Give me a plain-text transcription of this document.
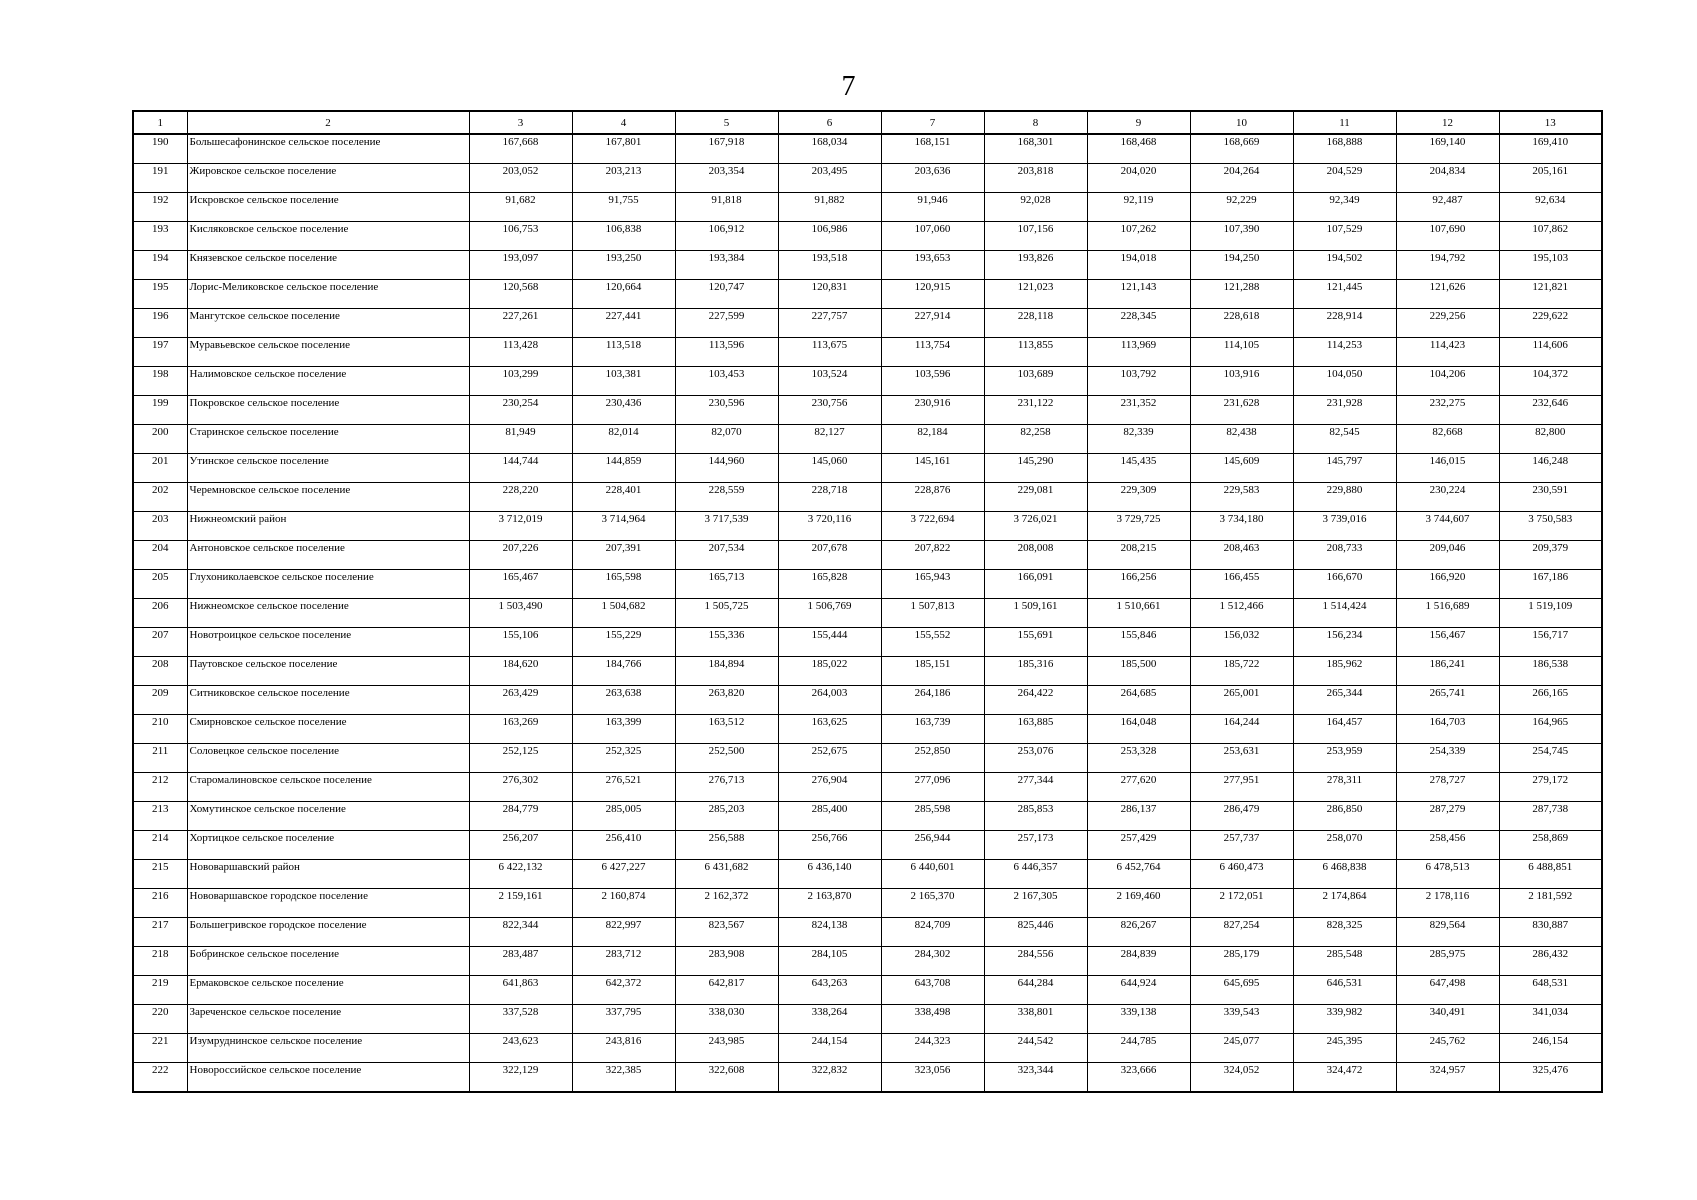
7
1	2	3	4	5	6	7	8	9	10	11	12	13
190	Большесафонинское сельское поселение	167,668	167,801	167,918	168,034	168,151	168,301	168,468	168,669	168,888	169,140	169,410
191	Жировское сельское поселение	203,052	203,213	203,354	203,495	203,636	203,818	204,020	204,264	204,529	204,834	205,161
192	Искровское сельское поселение	91,682	91,755	91,818	91,882	91,946	92,028	92,119	92,229	92,349	92,487	92,634
193	Кисляковское сельское поселение	106,753	106,838	106,912	106,986	107,060	107,156	107,262	107,390	107,529	107,690	107,862
194	Князевское сельское поселение	193,097	193,250	193,384	193,518	193,653	193,826	194,018	194,250	194,502	194,792	195,103
195	Лорис-Меликовское сельское поселение	120,568	120,664	120,747	120,831	120,915	121,023	121,143	121,288	121,445	121,626	121,821
196	Мангутское сельское поселение	227,261	227,441	227,599	227,757	227,914	228,118	228,345	228,618	228,914	229,256	229,622
197	Муравьевское сельское поселение	113,428	113,518	113,596	113,675	113,754	113,855	113,969	114,105	114,253	114,423	114,606
198	Налимовское сельское поселение	103,299	103,381	103,453	103,524	103,596	103,689	103,792	103,916	104,050	104,206	104,372
199	Покровское сельское поселение	230,254	230,436	230,596	230,756	230,916	231,122	231,352	231,628	231,928	232,275	232,646
200	Старинское сельское поселение	81,949	82,014	82,070	82,127	82,184	82,258	82,339	82,438	82,545	82,668	82,800
201	Утинское сельское поселение	144,744	144,859	144,960	145,060	145,161	145,290	145,435	145,609	145,797	146,015	146,248
202	Черемновское сельское поселение	228,220	228,401	228,559	228,718	228,876	229,081	229,309	229,583	229,880	230,224	230,591
203	Нижнеомский район	3 712,019	3 714,964	3 717,539	3 720,116	3 722,694	3 726,021	3 729,725	3 734,180	3 739,016	3 744,607	3 750,583
204	Антоновское сельское поселение	207,226	207,391	207,534	207,678	207,822	208,008	208,215	208,463	208,733	209,046	209,379
205	Глухониколаевское сельское поселение	165,467	165,598	165,713	165,828	165,943	166,091	166,256	166,455	166,670	166,920	167,186
206	Нижнеомское сельское поселение	1 503,490	1 504,682	1 505,725	1 506,769	1 507,813	1 509,161	1 510,661	1 512,466	1 514,424	1 516,689	1 519,109
207	Новотроицкое сельское поселение	155,106	155,229	155,336	155,444	155,552	155,691	155,846	156,032	156,234	156,467	156,717
208	Паутовское сельское поселение	184,620	184,766	184,894	185,022	185,151	185,316	185,500	185,722	185,962	186,241	186,538
209	Ситниковское сельское поселение	263,429	263,638	263,820	264,003	264,186	264,422	264,685	265,001	265,344	265,741	266,165
210	Смирновское сельское поселение	163,269	163,399	163,512	163,625	163,739	163,885	164,048	164,244	164,457	164,703	164,965
211	Соловецкое сельское поселение	252,125	252,325	252,500	252,675	252,850	253,076	253,328	253,631	253,959	254,339	254,745
212	Старомалиновское сельское поселение	276,302	276,521	276,713	276,904	277,096	277,344	277,620	277,951	278,311	278,727	279,172
213	Хомутинское сельское поселение	284,779	285,005	285,203	285,400	285,598	285,853	286,137	286,479	286,850	287,279	287,738
214	Хортицкое сельское поселение	256,207	256,410	256,588	256,766	256,944	257,173	257,429	257,737	258,070	258,456	258,869
215	Нововаршавский район	6 422,132	6 427,227	6 431,682	6 436,140	6 440,601	6 446,357	6 452,764	6 460,473	6 468,838	6 478,513	6 488,851
216	Нововаршавское городское поселение	2 159,161	2 160,874	2 162,372	2 163,870	2 165,370	2 167,305	2 169,460	2 172,051	2 174,864	2 178,116	2 181,592
217	Большегривское городское поселение	822,344	822,997	823,567	824,138	824,709	825,446	826,267	827,254	828,325	829,564	830,887
218	Бобринское сельское поселение	283,487	283,712	283,908	284,105	284,302	284,556	284,839	285,179	285,548	285,975	286,432
219	Ермаковское сельское поселение	641,863	642,372	642,817	643,263	643,708	644,284	644,924	645,695	646,531	647,498	648,531
220	Зареченское сельское поселение	337,528	337,795	338,030	338,264	338,498	338,801	339,138	339,543	339,982	340,491	341,034
221	Изумруднинское сельское поселение	243,623	243,816	243,985	244,154	244,323	244,542	244,785	245,077	245,395	245,762	246,154
222	Новороссийское сельское поселение	322,129	322,385	322,608	322,832	323,056	323,344	323,666	324,052	324,472	324,957	325,476
